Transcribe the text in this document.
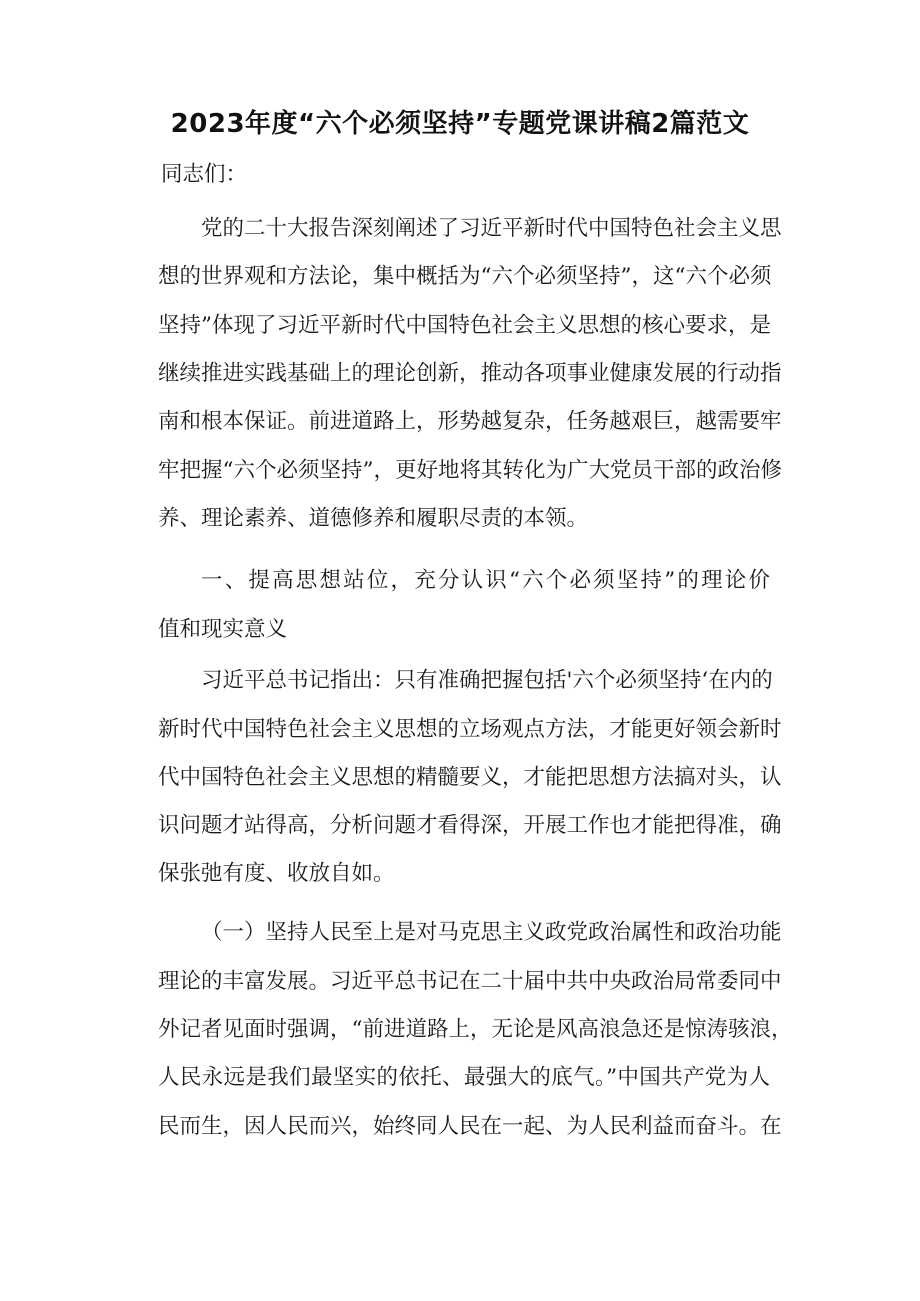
2023年度“六个必须坚持”专题党课讲稿2篇范文
同志们：
党的二十大报告深刻阐述了习近平新时代中国特色社会主义思
想的世界观和方法论，集中概括为“六个必须坚持”，这“六个必须
坚持”体现了习近平新时代中国特色社会主义思想的核心要求，是
继续推进实践基础上的理论创新，推动各项事业健康发展的行动指
南和根本保证。前进道路上，形势越复杂，任务越艰巨，越需要牢
牢把握“六个必须坚持”，更好地将其转化为广大党员干部的政治修
养、理论素养、道德修养和履职尽责的本领。
一、提高思想站位，充分认识“六个必须坚持”的理论价
值和现实意义
习近平总书记指出：只有准确把握包括'六个必须坚持‘在内的
新时代中国特色社会主义思想的立场观点方法，才能更好领会新时
代中国特色社会主义思想的精髓要义，才能把思想方法搞对头，认
识问题才站得高，分析问题才看得深，开展工作也才能把得准，确
保张弛有度、收放自如。
（一）坚持人民至上是对马克思主义政党政治属性和政治功能
理论的丰富发展。习近平总书记在二十届中共中央政治局常委同中
外记者见面时强调，“前进道路上，无论是风高浪急还是惊涛骇浪，
人民永远是我们最坚实的依托、最强大的底气。”中国共产党为人
民而生，因人民而兴，始终同人民在一起、为人民利益而奋斗。在
